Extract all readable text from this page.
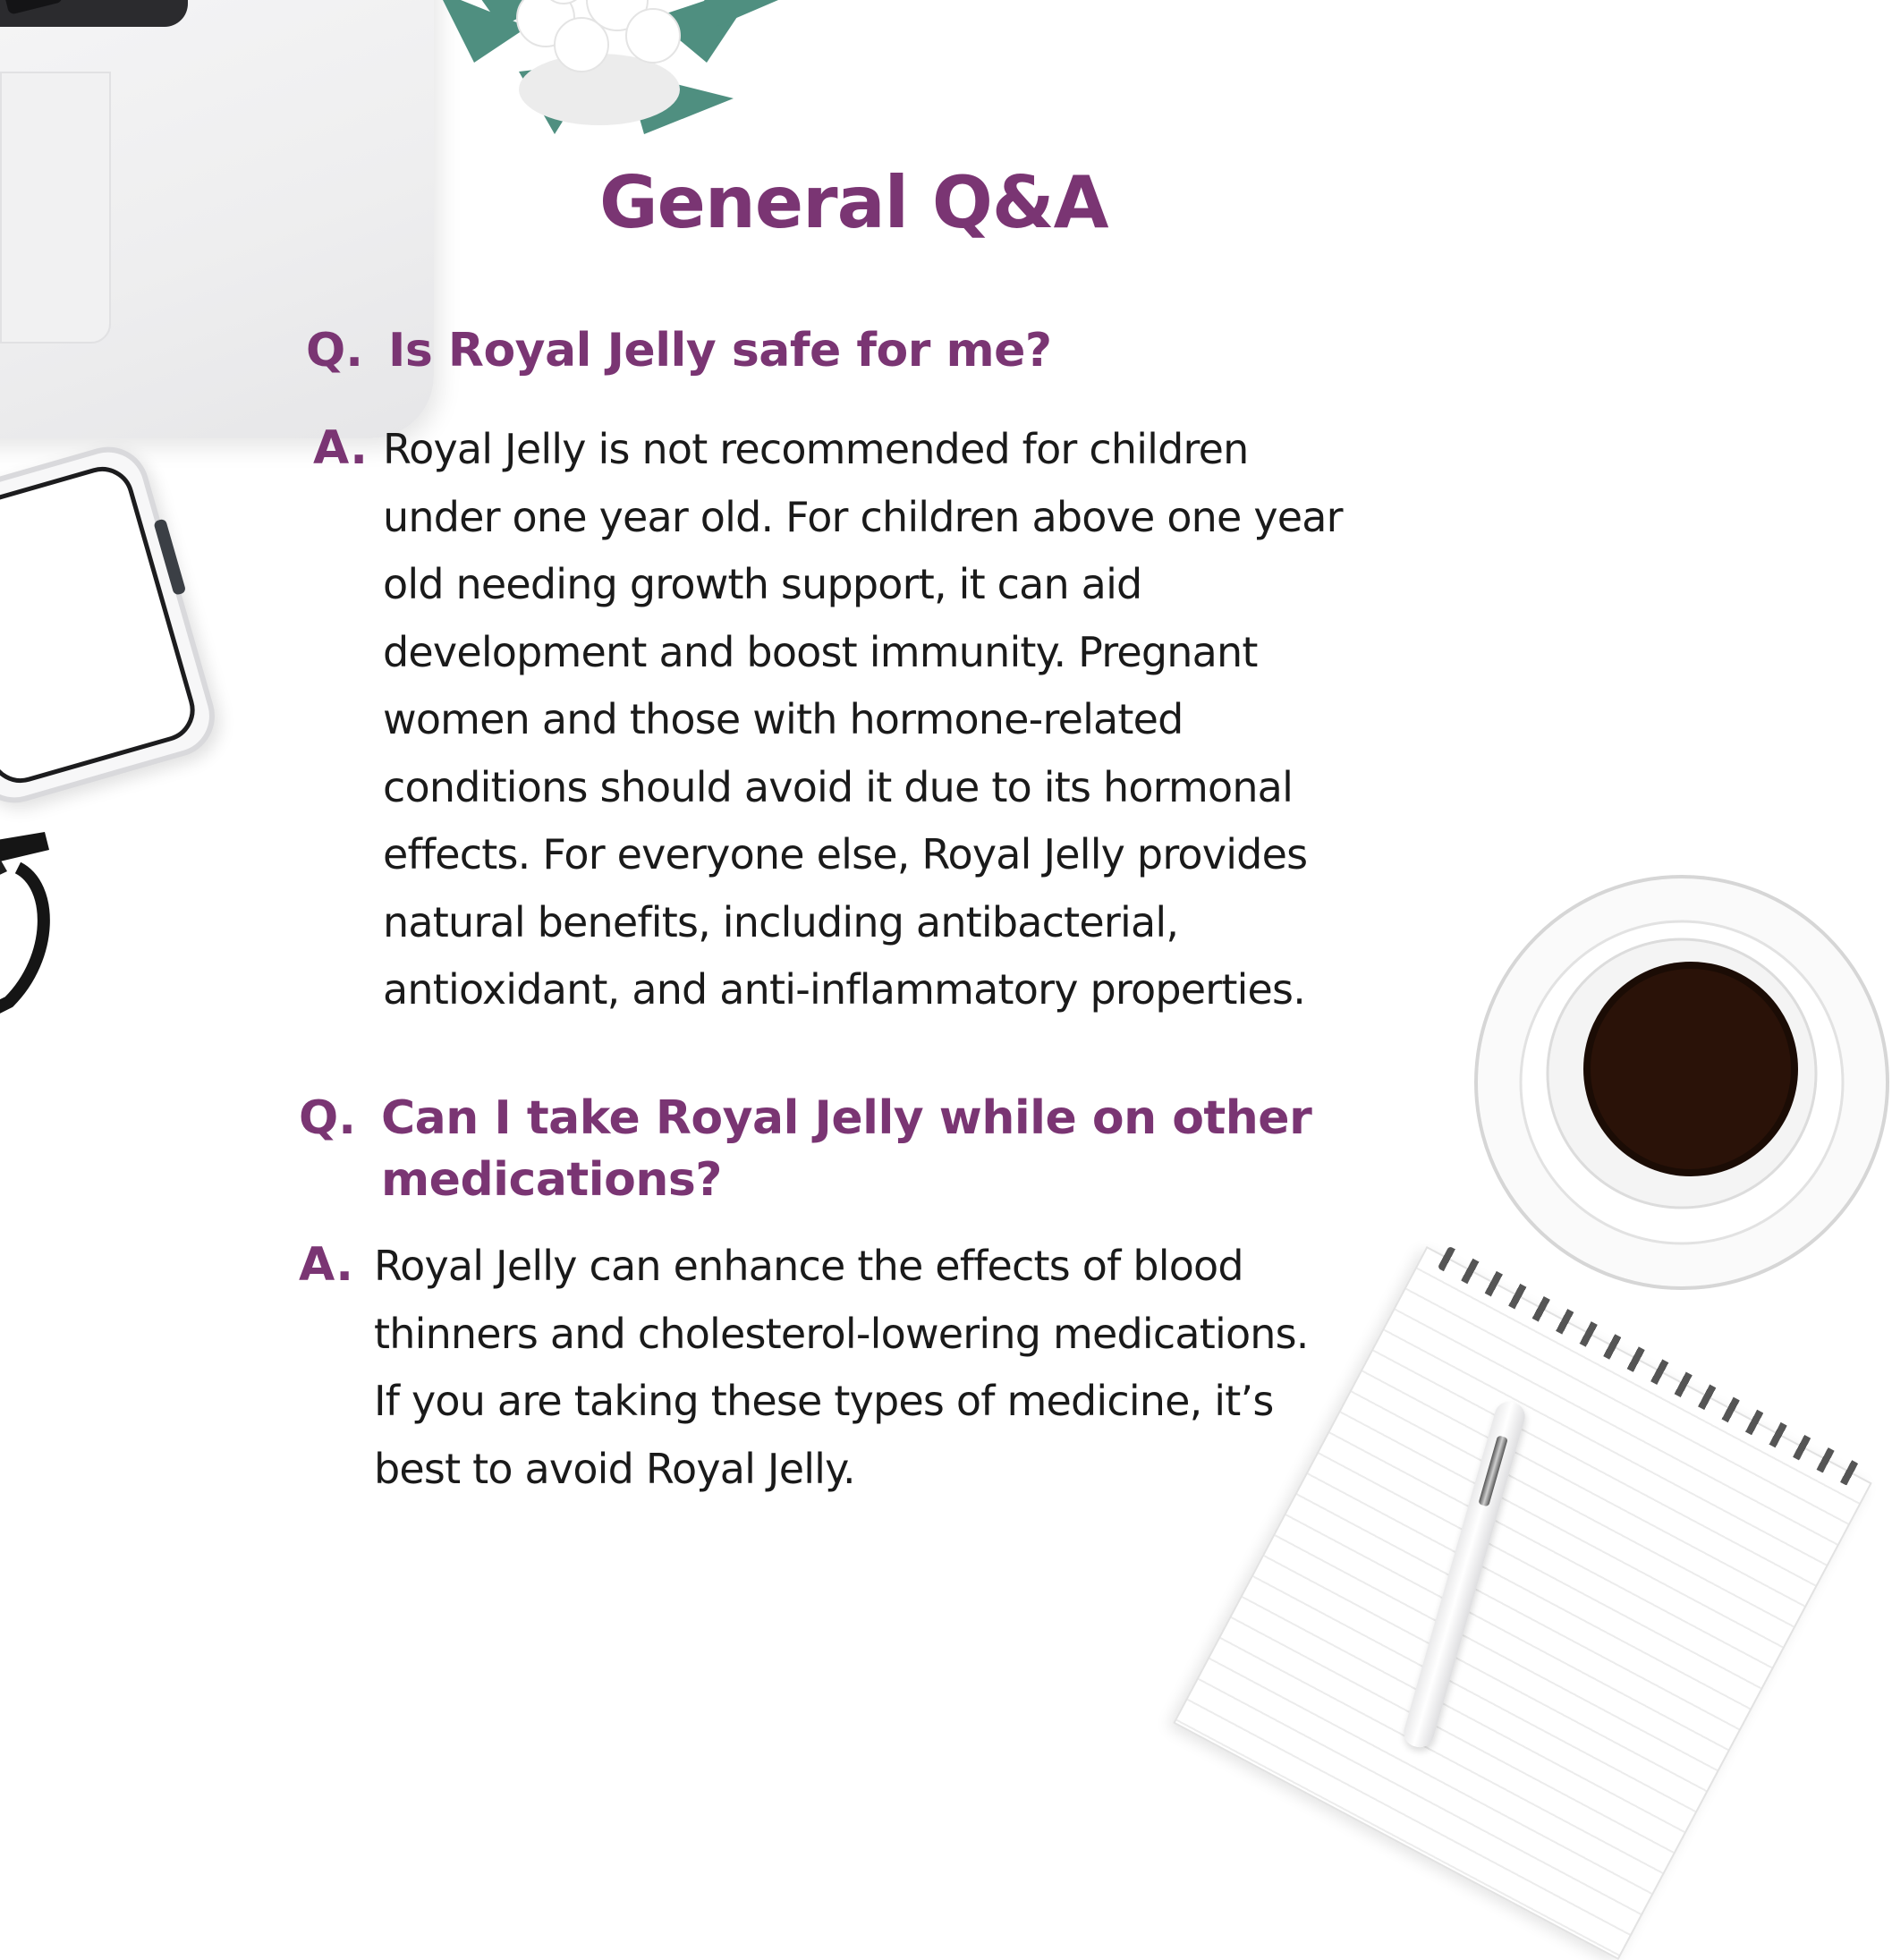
General Q&A
Q. Is Royal Jelly safe for me?
A. Royal Jelly is not recommended for children
under one year old. For children above one year
old needing growth support, it can aid
development and boost immunity. Pregnant
women and those with hormone-related
conditions should avoid it due to its hormonal
effects. For everyone else, Royal Jelly provides
natural benefits, including antibacterial,
antioxidant, and anti-inflammatory properties.
Q. Can I take Royal Jelly while on other
medications?
A. Royal Jelly can enhance the effects of blood
thinners and cholesterol-lowering medications.
If you are taking these types of medicine, it’s
best to avoid Royal Jelly.
